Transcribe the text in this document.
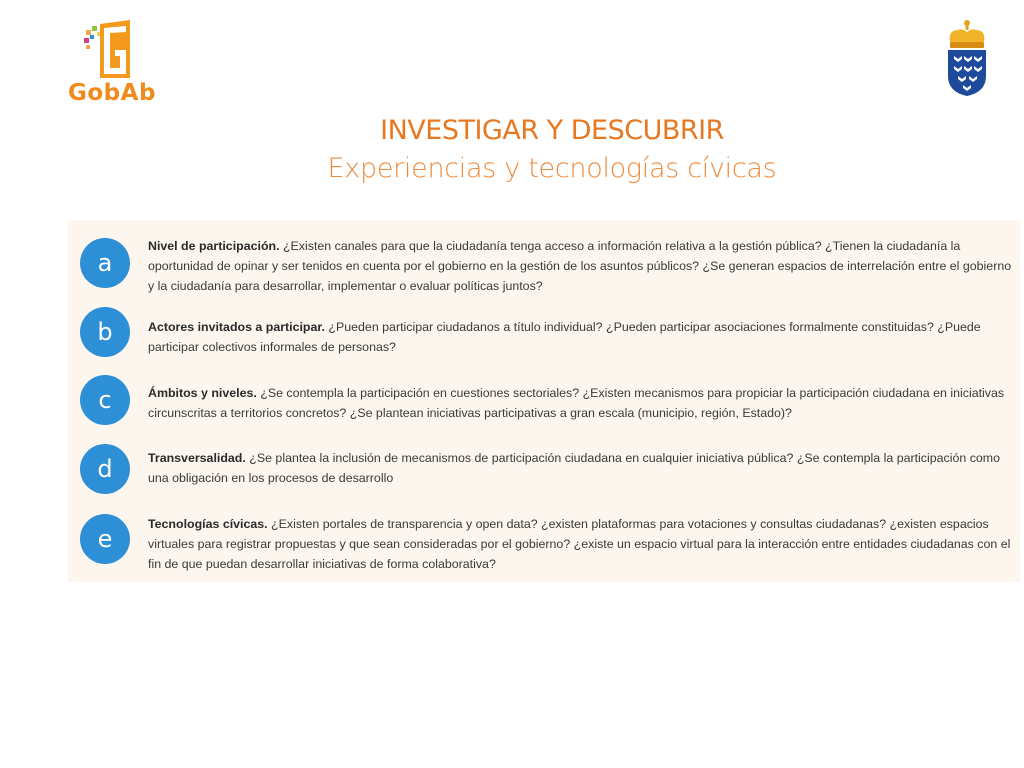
GobAb
INVESTIGAR Y DESCUBRIR
Experiencias y tecnologías cívicas
a
Nivel de participación. ¿Existen canales para que la ciudadanía tenga acceso a información relativa a la gestión pública? ¿Tienen la ciudadanía la oportunidad de opinar y ser tenidos en cuenta por el gobierno en la gestión de los asuntos públicos? ¿Se generan espacios de interrelación entre el gobierno y la ciudadanía para desarrollar, implementar o evaluar políticas juntos?
b	Actores invitados a participar. ¿Pueden participar ciudadanos a título individual? ¿Pueden participar asociaciones formalmente constituidas? ¿Puede participar colectivos informales de personas?
c	Ámbitos y niveles. ¿Se contempla la participación en cuestiones sectoriales? ¿Existen mecanismos para propiciar la participación ciudadana en iniciativas circunscritas a territorios concretos? ¿Se plantean iniciativas participativas a gran escala (municipio, región, Estado)?
d	Transversalidad. ¿Se plantea la inclusión de mecanismos de participación ciudadana en cualquier iniciativa pública? ¿Se contempla la participación como una obligación en los procesos de desarrollo
e
Tecnologías cívicas. ¿Existen portales de transparencia y open data? ¿existen plataformas para votaciones y consultas ciudadanas? ¿existen espacios virtuales para registrar propuestas y que sean consideradas por el gobierno? ¿existe un espacio virtual para la interacción entre entidades ciudadanas con el fin de que puedan desarrollar iniciativas de forma colaborativa?
